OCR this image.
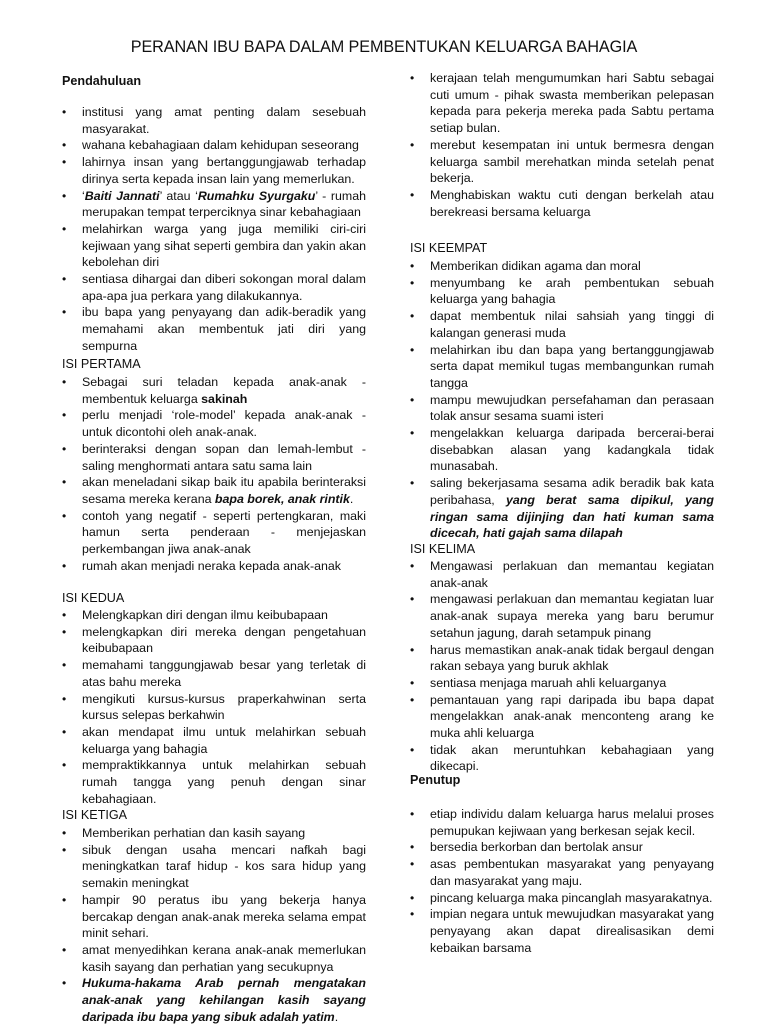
PERANAN IBU BAPA DALAM PEMBENTUKAN KELUARGA BAHAGIA
Pendahuluan
• institusi yang amat penting dalam sesebuah masyarakat.
• wahana kebahagiaan dalam kehidupan seseorang
• lahirnya insan yang bertanggungjawab terhadap dirinya serta kepada insan lain yang memerlukan.
• ‘Baiti Jannati’ atau ‘Rumahku Syurgaku’ - rumah merupakan tempat terperciknyа sinar kebahagiaan
• melahirkan warga yang juga memiliki ciri-ciri kejiwaan yang sihat seperti gembira dan yakin akan kebolehan diri
• sentiasa dihargai dan diberi sokongan moral dalam apa-apa jua perkara yang dilakukannya.
• ibu bapa yang penyayang dan adik-beradik yang memahami akan membentuk jati diri yang sempurna
ISI PERTAMA
• Sebagai suri teladan kepada anak-anak - membentuk keluarga sakinah
• perlu menjadi ‘role-model’ kepada anak-anak - untuk dicontohi oleh anak-anak.
• berinteraksi dengan sopan dan lemah-lembut - saling menghormati antara satu sama lain
• akan meneladani sikap baik itu apabila berinteraksi sesama mereka kerana bapa borek, anak rintik.
• contoh yang negatif - seperti pertengkaran, maki hamun serta penderaan - menjejaskan perkembangan jiwa anak-anak
• rumah akan menjadi neraka kepada anak-anak
ISI KEDUA
• Melengkapkan diri dengan ilmu keibubapaan
• melengkapkan diri mereka dengan pengetahuan keibubapaan
• memahami tanggungjawab besar yang terletak di atas bahu mereka
• mengikuti kursus-kursus praperkahwinan serta kursus selepas berkahwin
• akan mendapat ilmu untuk melahirkan sebuah keluarga yang bahagia
• mempraktikkannya untuk melahirkan sebuah rumah tangga yang penuh dengan sinar kebahagiaan.
ISI KETIGA
• Memberikan perhatian dan kasih sayang
• sibuk dengan usaha mencari nafkah bagi meningkatkan taraf hidup - kos sara hidup yang semakin meningkat
• hampir 90 peratus ibu yang bekerja hanya bercakap dengan anak-anak mereka selama empat minit sehari.
• amat menyedihkan kerana anak-anak memerlukan kasih sayang dan perhatian yang secukupnya
• Hukuma-hakama Arab pernah mengatakan anak-anak yang kehilangan kasih sayang daripada ibu bapa yang sibuk adalah yatim.
• kerajaan telah mengumumkan hari Sabtu sebagai cuti umum - pihak swasta memberikan pelepasan kepada para pekerja mereka pada Sabtu pertama setiap bulan.
• merebut kesempatan ini untuk bermesra dengan keluarga sambil merehatkan minda setelah penat bekerja.
• Menghabiskan waktu cuti dengan berkelah atau berekreasi bersama keluarga
ISI KEEMPAT
• Memberikan didikan agama dan moral
• menyumbang ke arah pembentukan sebuah keluarga yang bahagia
• dapat membentuk nilai sahsiah yang tinggi di kalangan generasi muda
• melahirkan ibu dan bapa yang bertanggungjawab serta dapat memikul tugas membangunkan rumah tangga
• mampu mewujudkan persefahaman dan perasaan tolak ansur sesama suami isteri
• mengelakkan keluarga daripada bercerai-berai disebabkan alasan yang kadangkala tidak munasabah.
• saling bekerjasama sesama adik beradik bak kata peribahasa, yang berat sama dipikul, yang ringan sama dijinjing dan hati kuman sama dicecah, hati gajah sama dilapah
ISI KELIMA
• Mengawasi perlakuan dan memantau kegiatan anak-anak
• mengawasi perlakuan dan memantau kegiatan luar anak-anak supaya mereka yang baru berumur setahun jagung, darah setampuk pinang
• harus memastikan anak-anak tidak bergaul dengan rakan sebaya yang buruk akhlak
• sentiasa menjaga maruah ahli keluarganya
• pemantauan yang rapi daripada ibu bapa dapat mengelakkan anak-anak menconteng arang ke muka ahli keluarga
• tidak akan meruntuhkan kebahagiaan yang dikecapi.
Penutup
• etiap individu dalam keluarga harus melalui proses pemupukan kejiwaan yang berkesan sejak kecil.
• bersedia berkorban dan bertolak ansur
• asas pembentukan masyarakat yang penyayang dan masyarakat yang maju.
• pincang keluarga maka pincanglah masyarakatnya.
• impian negara untuk mewujudkan masyarakat yang penyayang akan dapat direalisasikan demi kebaikan barsama
